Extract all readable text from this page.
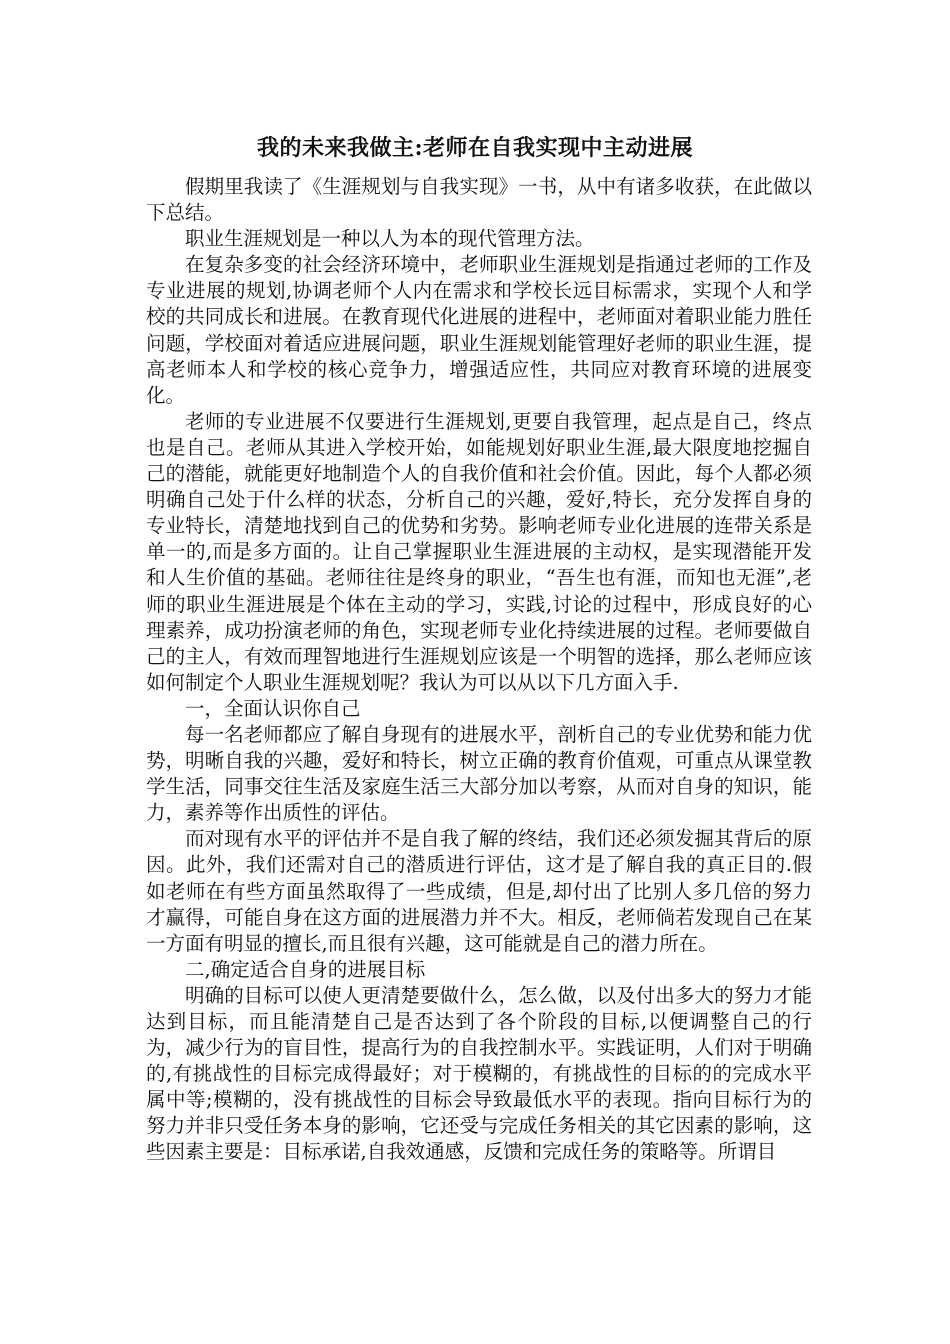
我的未来我做主:老师在自我实现中主动进展

假期里我读了《生涯规划与自我实现》一书，从中有诸多收获，在此做以下总结。

职业生涯规划是一种以人为本的现代管理方法。

在复杂多变的社会经济环境中，老师职业生涯规划是指通过老师的工作及专业进展的规划,协调老师个人内在需求和学校长远目标需求，实现个人和学校的共同成长和进展。在教育现代化进展的进程中，老师面对着职业能力胜任问题，学校面对着适应进展问题，职业生涯规划能管理好老师的职业生涯，提高老师本人和学校的核心竞争力，增强适应性，共同应对教育环境的进展变化。

老师的专业进展不仅要进行生涯规划,更要自我管理，起点是自己，终点也是自己。老师从其进入学校开始，如能规划好职业生涯,最大限度地挖掘自己的潜能，就能更好地制造个人的自我价值和社会价值。因此，每个人都必须明确自己处于什么样的状态，分析自己的兴趣，爱好,特长，充分发挥自身的专业特长，清楚地找到自己的优势和劣势。影响老师专业化进展的连带关系是单一的,而是多方面的。让自己掌握职业生涯进展的主动权，是实现潜能开发和人生价值的基础。老师往往是终身的职业，“吾生也有涯，而知也无涯”,老师的职业生涯进展是个体在主动的学习，实践,讨论的过程中，形成良好的心理素养，成功扮演老师的角色，实现老师专业化持续进展的过程。老师要做自己的主人，有效而理智地进行生涯规划应该是一个明智的选择，那么老师应该如何制定个人职业生涯规划呢？我认为可以从以下几方面入手.

一，全面认识你自己

每一名老师都应了解自身现有的进展水平，剖析自己的专业优势和能力优势，明晰自我的兴趣，爱好和特长，树立正确的教育价值观，可重点从课堂教学生活，同事交往生活及家庭生活三大部分加以考察，从而对自身的知识，能力，素养等作出质性的评估。

而对现有水平的评估并不是自我了解的终结，我们还必须发掘其背后的原因。此外，我们还需对自己的潜质进行评估，这才是了解自我的真正目的.假如老师在有些方面虽然取得了一些成绩，但是,却付出了比别人多几倍的努力才赢得，可能自身在这方面的进展潜力并不大。相反，老师倘若发现自己在某一方面有明显的擅长,而且很有兴趣，这可能就是自己的潜力所在。

二,确定适合自身的进展目标

明确的目标可以使人更清楚要做什么，怎么做，以及付出多大的努力才能达到目标，而且能清楚自己是否达到了各个阶段的目标,以便调整自己的行为，减少行为的盲目性，提高行为的自我控制水平。实践证明，人们对于明确的,有挑战性的目标完成得最好；对于模糊的，有挑战性的目标的的完成水平属中等;模糊的，没有挑战性的目标会导致最低水平的表现。指向目标行为的努力并非只受任务本身的影响，它还受与完成任务相关的其它因素的影响，这些因素主要是：目标承诺,自我效通感，反馈和完成任务的策略等。所谓目
